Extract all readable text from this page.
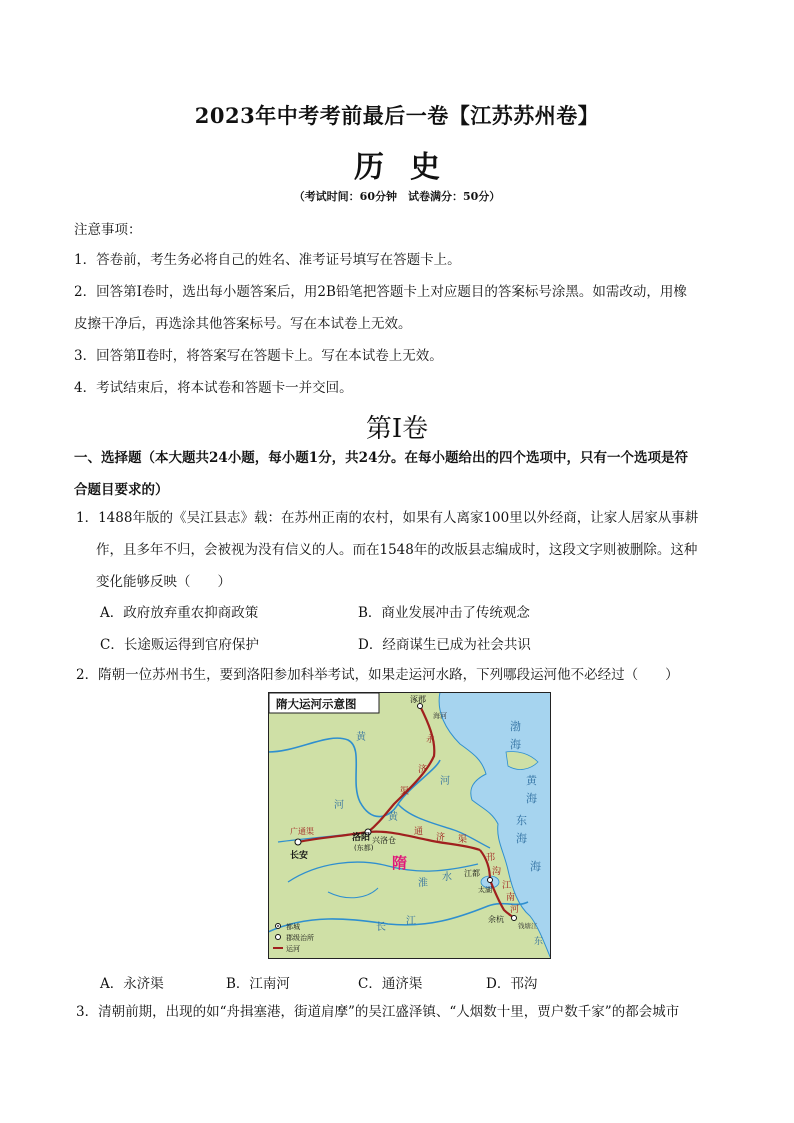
2023年中考考前最后一卷【江苏苏州卷】
历史
（考试时间：60分钟　试卷满分：50分）
注意事项：
1．答卷前，考生务必将自己的姓名、准考证号填写在答题卡上。
2．回答第Ⅰ卷时，选出每小题答案后，用2B铅笔把答题卡上对应题目的答案标号涂黑。如需改动，用橡
皮擦干净后，再选涂其他答案标号。写在本试卷上无效。
3．回答第Ⅱ卷时，将答案写在答题卡上。写在本试卷上无效。
4．考试结束后，将本试卷和答题卡一并交回。
第Ⅰ卷
一、选择题（本大题共24小题，每小题1分，共24分。在每小题给出的四个选项中，只有一个选项是符
合题目要求的）
1．1488年版的《吴江县志》载：在苏州正南的农村，如果有人离家100里以外经商，让家人居家从事耕
作，且多年不归，会被视为没有信义的人。而在1548年的改版县志编成时，这段文字则被删除。这种
变化能够反映（　　）
A．政府放弃重农抑商政策	B．商业发展冲击了传统观念
C．长途贩运得到官府保护	D．经商谋生已成为社会共识
2．隋朝一位苏州书生，要到洛阳参加科举考试，如果走运河水路，下列哪段运河他不必经过（　　）
隋大运河示意图	涿郡
海河
洛阳
(东都)
兴洛仓
长安
江都
余杭
钱塘江
太湖
渤
海
黄
海
东
海
海
东
黄
河
黄
河
淮
水
长
江
永
济
渠
广通渠	通
济 渠
邗
沟
江
南
河
隋
都城
郡级治所
运河
A．永济渠	B．江南河	C．通济渠	D．邗沟
3．清朝前期，出现的如“舟揖塞港，街道肩摩”的吴江盛泽镇、“人烟数十里，贾户数千家”的都会城市
